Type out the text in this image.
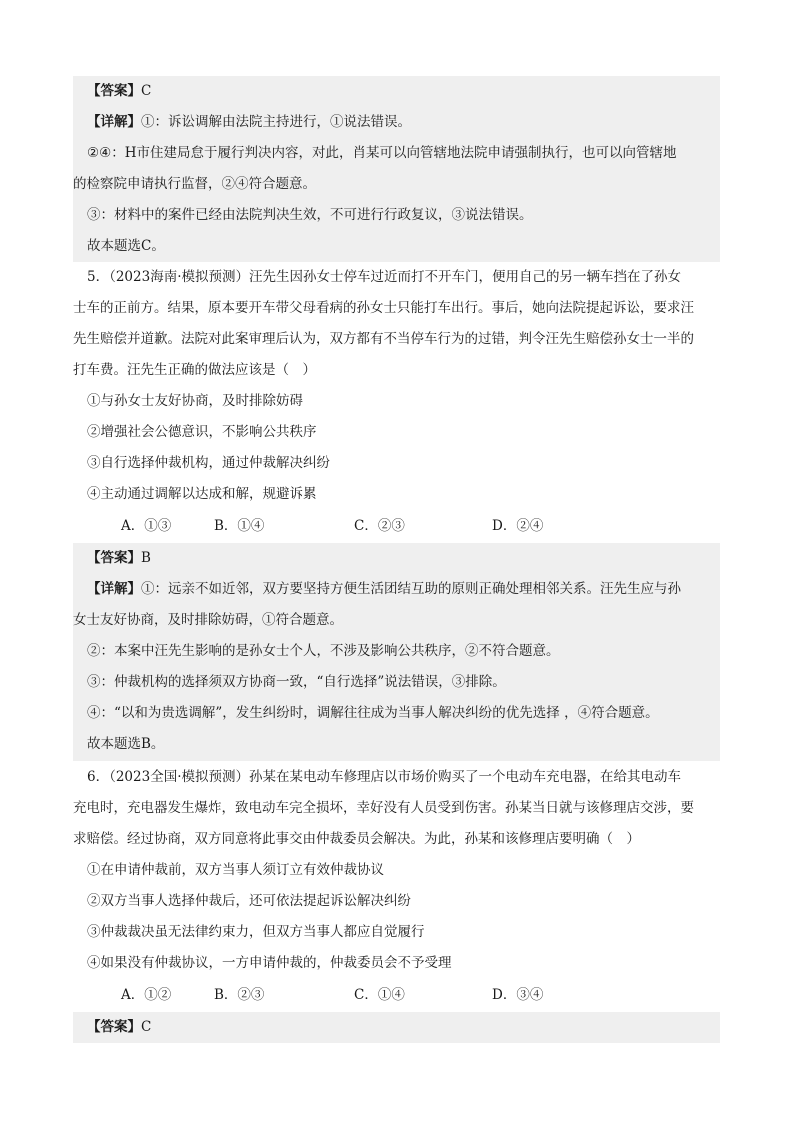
【答案】C
【详解】①：诉讼调解由法院主持进行，①说法错误。
②④：H市住建局怠于履行判决内容，对此，肖某可以向管辖地法院申请强制执行，也可以向管辖地
的检察院申请执行监督，②④符合题意。
③：材料中的案件已经由法院判决生效，不可进行行政复议，③说法错误。
故本题选C。
5．（2023海南·模拟预测）汪先生因孙女士停车过近而打不开车门，便用自己的另一辆车挡在了孙女
士车的正前方。结果，原本要开车带父母看病的孙女士只能打车出行。事后，她向法院提起诉讼，要求汪
先生赔偿并道歉。法院对此案审理后认为，双方都有不当停车行为的过错，判令汪先生赔偿孙女士一半的
打车费。汪先生正确的做法应该是（　）
①与孙女士友好协商，及时排除妨碍
②增强社会公德意识，不影响公共秩序
③自行选择仲裁机构，通过仲裁解决纠纷
④主动通过调解以达成和解，规避诉累
A．①③	B．①④	C．②③	D．②④
【答案】B
【详解】①：远亲不如近邻，双方要坚持方便生活团结互助的原则正确处理相邻关系。汪先生应与孙
女士友好协商，及时排除妨碍，①符合题意。
②：本案中汪先生影响的是孙女士个人，不涉及影响公共秩序，②不符合题意。
③：仲裁机构的选择须双方协商一致，“自行选择”说法错误，③排除。
④：“以和为贵选调解”，发生纠纷时，调解往往成为当事人解决纠纷的优先选择 ，④符合题意。
故本题选B。
6．（2023全国·模拟预测）孙某在某电动车修理店以市场价购买了一个电动车充电器，在给其电动车
充电时，充电器发生爆炸，致电动车完全损坏，幸好没有人员受到伤害。孙某当日就与该修理店交涉，要
求赔偿。经过协商，双方同意将此事交由仲裁委员会解决。为此，孙某和该修理店要明确（　）
①在申请仲裁前，双方当事人须订立有效仲裁协议
②双方当事人选择仲裁后，还可依法提起诉讼解决纠纷
③仲裁裁决虽无法律约束力，但双方当事人都应自觉履行
④如果没有仲裁协议，一方申请仲裁的，仲裁委员会不予受理
A．①②	B．②③	C．①④	D．③④
【答案】C
